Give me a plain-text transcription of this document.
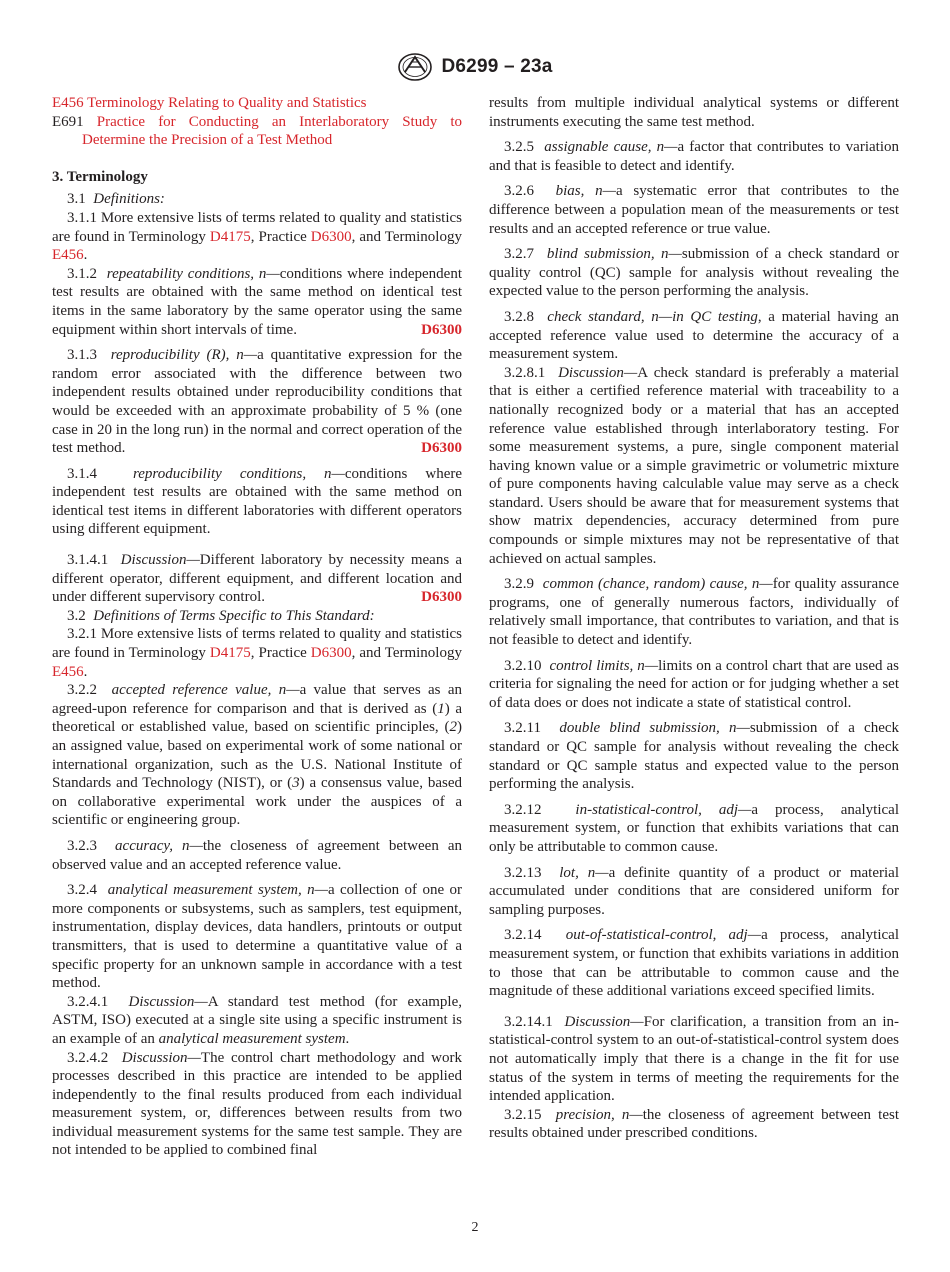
D6299 – 23a

E456 Terminology Relating to Quality and Statistics

E691 Practice for Conducting an Interlaboratory Study to Determine the Precision of a Test Method

3. Terminology

3.1 Definitions:

3.1.1 More extensive lists of terms related to quality and statistics are found in Terminology D4175, Practice D6300, and Terminology E456.

3.1.2 repeatability conditions, n—conditions where independent test results are obtained with the same method on identical test items in the same laboratory by the same operator using the same equipment within short intervals of time.	D6300

3.1.3 reproducibility (R), n—a quantitative expression for the random error associated with the difference between two independent results obtained under reproducibility conditions that would be exceeded with an approximate probability of 5 % (one case in 20 in the long run) in the normal and correct operation of the test method.	D6300

3.1.4 reproducibility conditions, n—conditions where independent test results are obtained with the same method on identical test items in different laboratories with different operators using different equipment.

3.1.4.1 Discussion—Different laboratory by necessity means a different operator, different equipment, and different location and under different supervisory control.	D6300

3.2 Definitions of Terms Specific to This Standard:

3.2.1 More extensive lists of terms related to quality and statistics are found in Terminology D4175, Practice D6300, and Terminology E456.

3.2.2 accepted reference value, n—a value that serves as an agreed-upon reference for comparison and that is derived as (1) a theoretical or established value, based on scientific principles, (2) an assigned value, based on experimental work of some national or international organization, such as the U.S. National Institute of Standards and Technology (NIST), or (3) a consensus value, based on collaborative experimental work under the auspices of a scientific or engineering group.

3.2.3 accuracy, n—the closeness of agreement between an observed value and an accepted reference value.

3.2.4 analytical measurement system, n—a collection of one or more components or subsystems, such as samplers, test equipment, instrumentation, display devices, data handlers, printouts or output transmitters, that is used to determine a quantitative value of a specific property for an unknown sample in accordance with a test method.

3.2.4.1 Discussion—A standard test method (for example, ASTM, ISO) executed at a single site using a specific instrument is an example of an analytical measurement system.

3.2.4.2 Discussion—The control chart methodology and work processes described in this practice are intended to be applied independently to the final results produced from each individual measurement system, or, differences between results from two individual measurement systems for the same test sample. They are not intended to be applied to combined final

results from multiple individual analytical systems or different instruments executing the same test method.

3.2.5 assignable cause, n—a factor that contributes to variation and that is feasible to detect and identify.

3.2.6 bias, n—a systematic error that contributes to the difference between a population mean of the measurements or test results and an accepted reference or true value.

3.2.7 blind submission, n—submission of a check standard or quality control (QC) sample for analysis without revealing the expected value to the person performing the analysis.

3.2.8 check standard, n—in QC testing, a material having an accepted reference value used to determine the accuracy of a measurement system.

3.2.8.1 Discussion—A check standard is preferably a material that is either a certified reference material with traceability to a nationally recognized body or a material that has an accepted reference value established through interlaboratory testing. For some measurement systems, a pure, single component material having known value or a simple gravimetric or volumetric mixture of pure components having calculable value may serve as a check standard. Users should be aware that for measurement systems that show matrix dependencies, accuracy determined from pure compounds or simple mixtures may not be representative of that achieved on actual samples.

3.2.9 common (chance, random) cause, n—for quality assurance programs, one of generally numerous factors, individually of relatively small importance, that contributes to variation, and that is not feasible to detect and identify.

3.2.10 control limits, n—limits on a control chart that are used as criteria for signaling the need for action or for judging whether a set of data does or does not indicate a state of statistical control.

3.2.11 double blind submission, n—submission of a check standard or QC sample for analysis without revealing the check standard or QC sample status and expected value to the person performing the analysis.

3.2.12 in-statistical-control, adj—a process, analytical measurement system, or function that exhibits variations that can only be attributable to common cause.

3.2.13 lot, n—a definite quantity of a product or material accumulated under conditions that are considered uniform for sampling purposes.

3.2.14 out-of-statistical-control, adj—a process, analytical measurement system, or function that exhibits variations in addition to those that can be attributable to common cause and the magnitude of these additional variations exceed specified limits.

3.2.14.1 Discussion—For clarification, a transition from an in-statistical-control system to an out-of-statistical-control system does not automatically imply that there is a change in the fit for use status of the system in terms of meeting the requirements for the intended application.

3.2.15 precision, n—the closeness of agreement between test results obtained under prescribed conditions.

2
